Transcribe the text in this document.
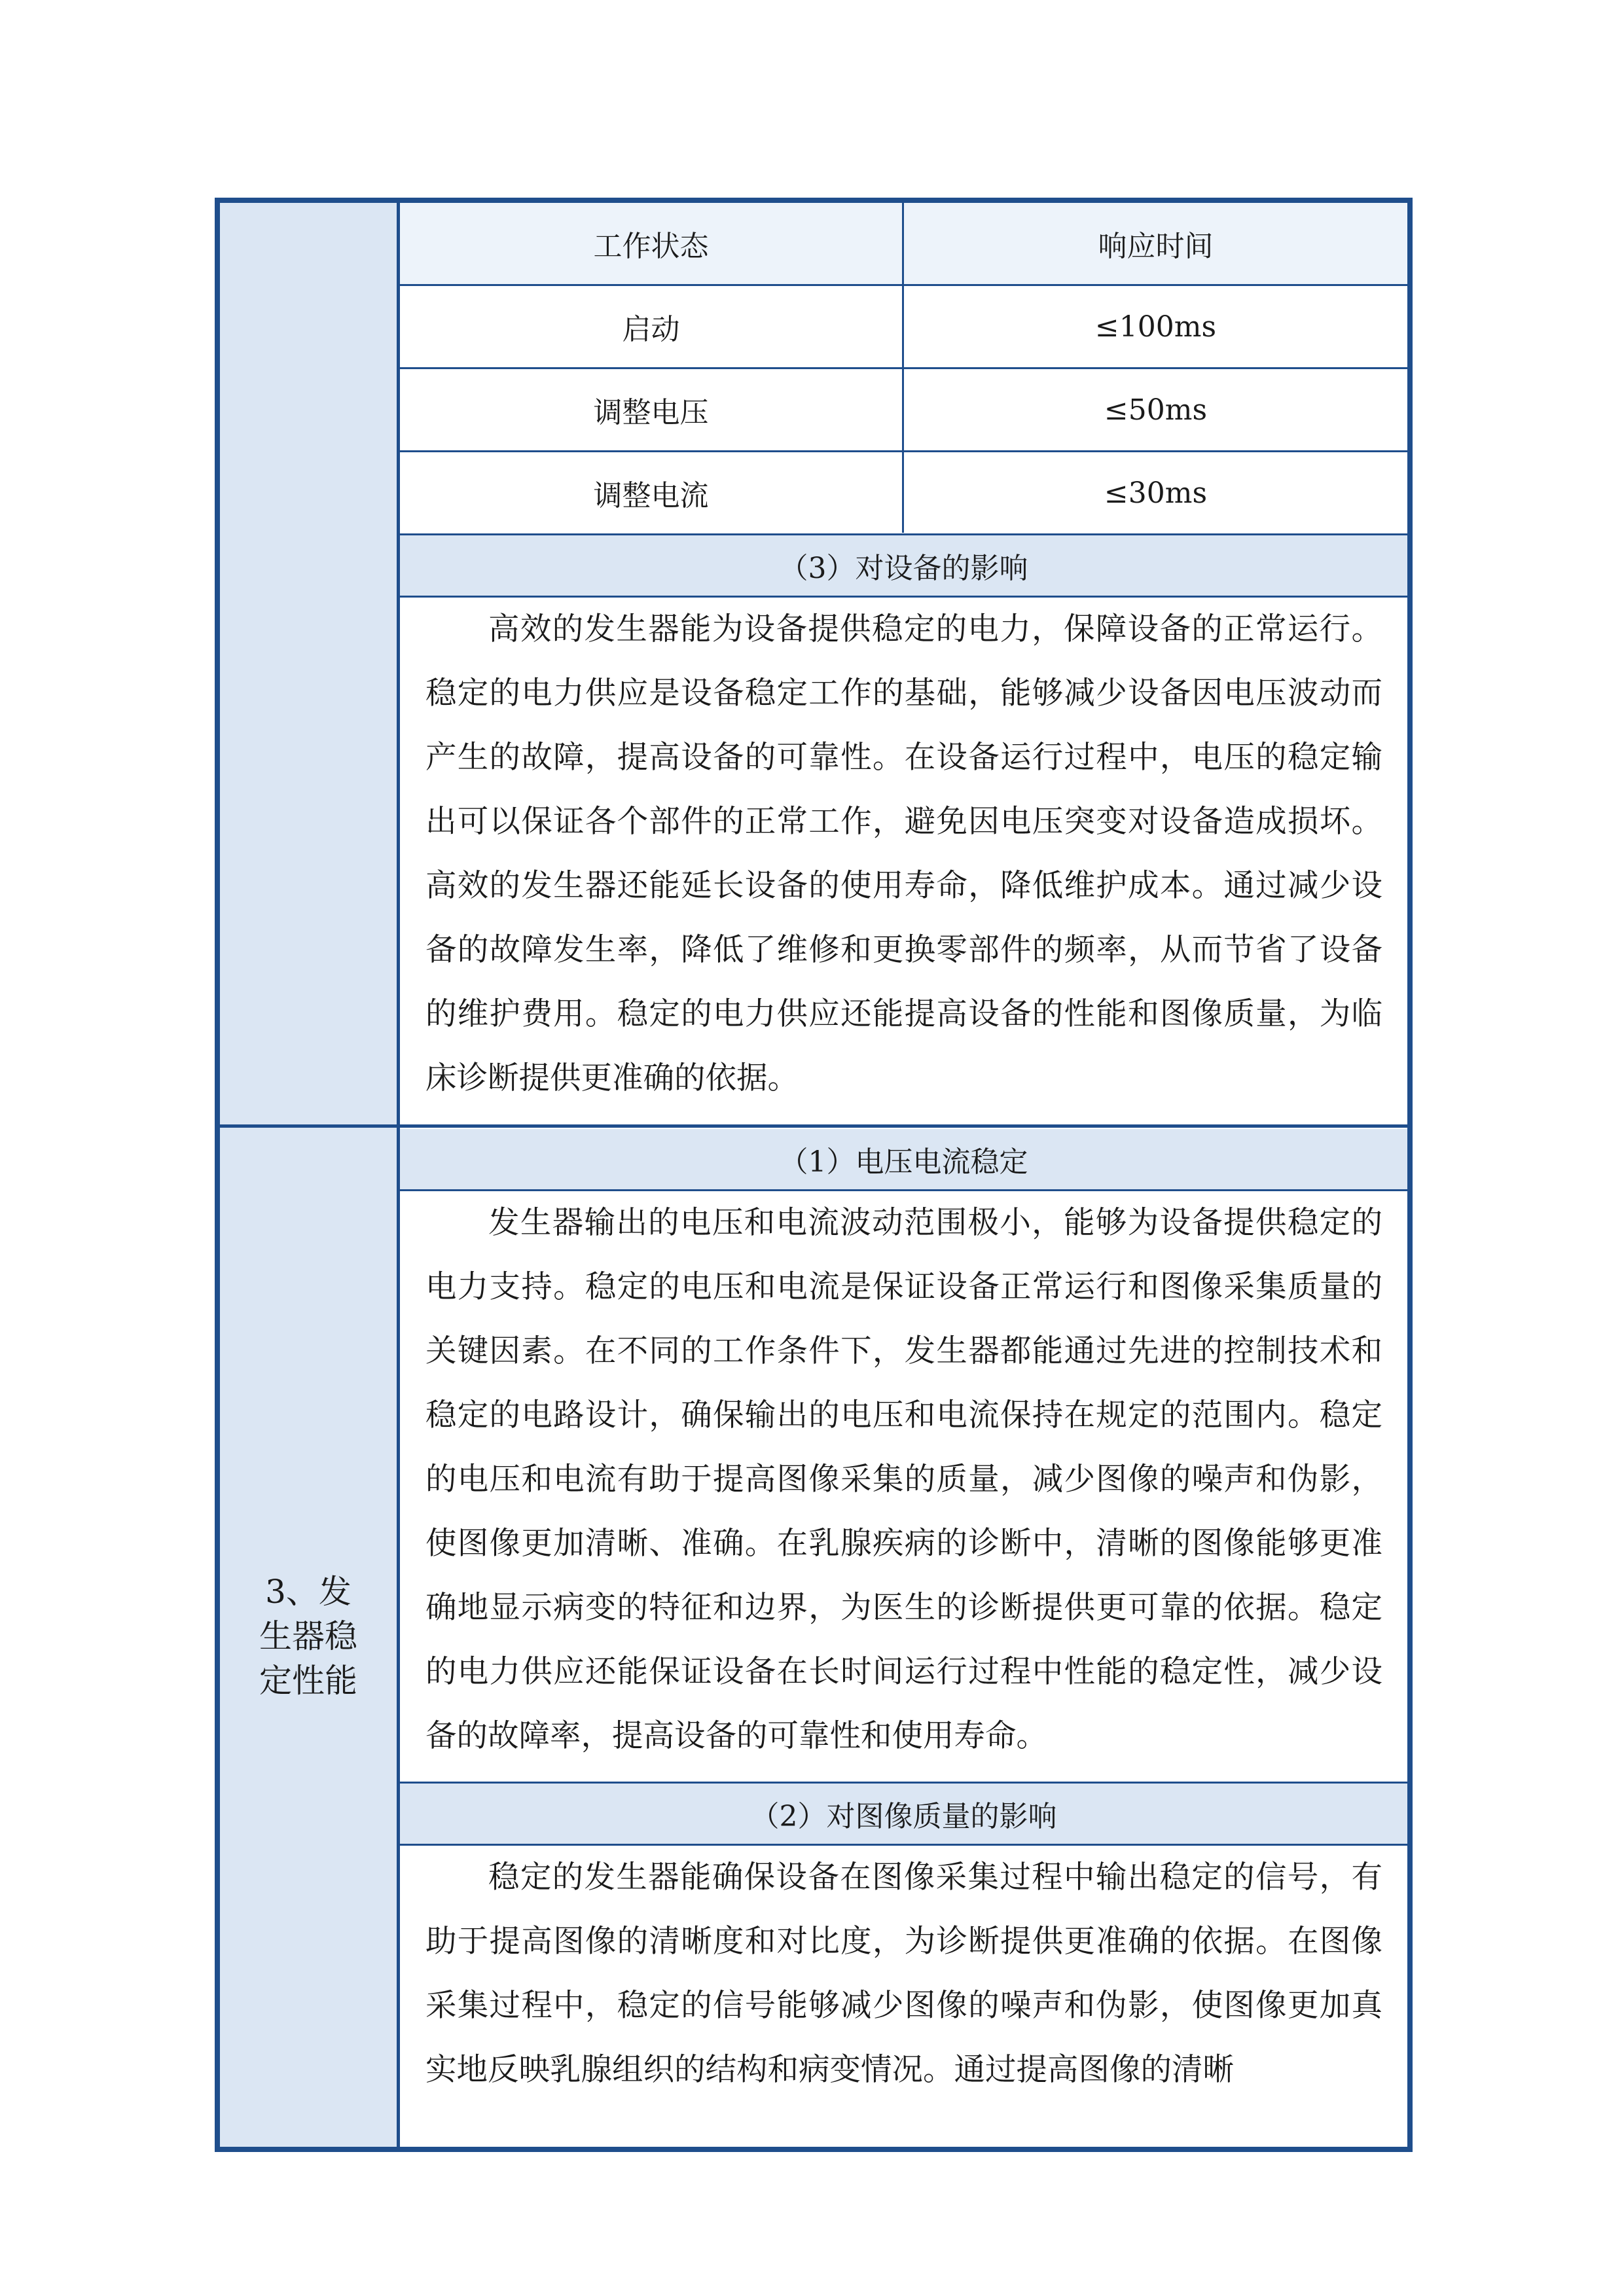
工作状态	响应时间
启动	≤100ms
调整电压	≤50ms
调整电流	≤30ms
（3）对设备的影响

高效的发生器能为设备提供稳定的电力，保障设备的正常运行。稳定的电力供应是设备稳定工作的基础，能够减少设备因电压波动而产生的故障，提高设备的可靠性。在设备运行过程中，电压的稳定输出可以保证各个部件的正常工作，避免因电压突变对设备造成损坏。高效的发生器还能延长设备的使用寿命，降低维护成本。通过减少设备的故障发生率，降低了维修和更换零部件的频率，从而节省了设备的维护费用。稳定的电力供应还能提高设备的性能和图像质量，为临床诊断提供更准确的依据。

3、发生器稳定性能
（1）电压电流稳定

发生器输出的电压和电流波动范围极小，能够为设备提供稳定的电力支持。稳定的电压和电流是保证设备正常运行和图像采集质量的关键因素。在不同的工作条件下，发生器都能通过先进的控制技术和稳定的电路设计，确保输出的电压和电流保持在规定的范围内。稳定的电压和电流有助于提高图像采集的质量，减少图像的噪声和伪影，使图像更加清晰、准确。在乳腺疾病的诊断中，清晰的图像能够更准确地显示病变的特征和边界，为医生的诊断提供更可靠的依据。稳定的电力供应还能保证设备在长时间运行过程中性能的稳定性，减少设备的故障率，提高设备的可靠性和使用寿命。

（2）对图像质量的影响

稳定的发生器能确保设备在图像采集过程中输出稳定的信号，有助于提高图像的清晰度和对比度，为诊断提供更准确的依据。在图像采集过程中，稳定的信号能够减少图像的噪声和伪影，使图像更加真实地反映乳腺组织的结构和病变情况。通过提高图像的清晰
